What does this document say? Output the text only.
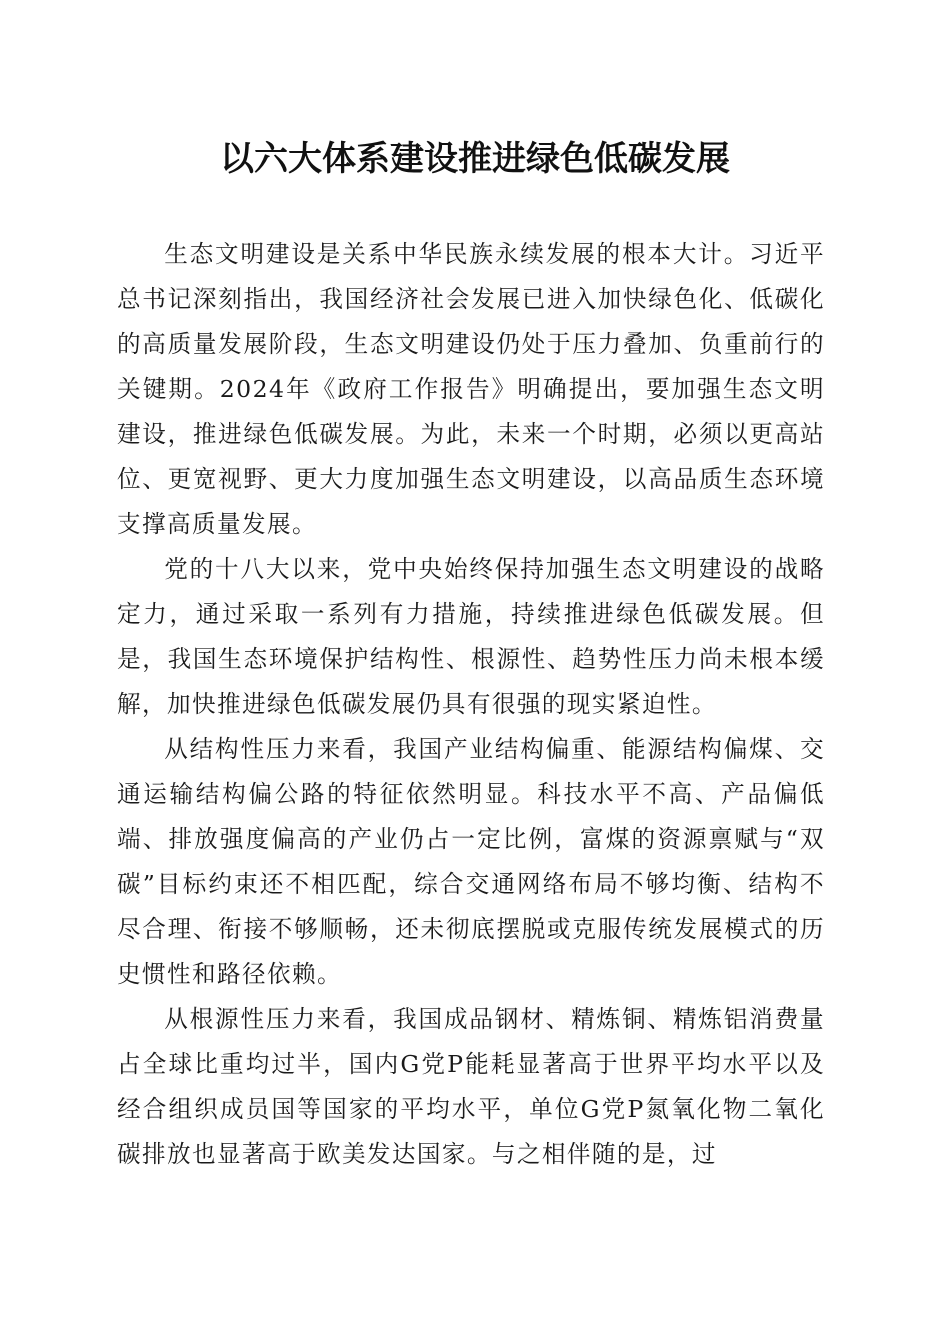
以六大体系建设推进绿色低碳发展

生态文明建设是关系中华民族永续发展的根本大计。习近平总书记深刻指出，我国经济社会发展已进入加快绿色化、低碳化的高质量发展阶段，生态文明建设仍处于压力叠加、负重前行的关键期。2024年《政府工作报告》明确提出，要加强生态文明建设，推进绿色低碳发展。为此，未来一个时期，必须以更高站位、更宽视野、更大力度加强生态文明建设，以高品质生态环境支撑高质量发展。

党的十八大以来，党中央始终保持加强生态文明建设的战略定力，通过采取一系列有力措施，持续推进绿色低碳发展。但是，我国生态环境保护结构性、根源性、趋势性压力尚未根本缓解，加快推进绿色低碳发展仍具有很强的现实紧迫性。

从结构性压力来看，我国产业结构偏重、能源结构偏煤、交通运输结构偏公路的特征依然明显。科技水平不高、产品偏低端、排放强度偏高的产业仍占一定比例，富煤的资源禀赋与“双碳”目标约束还不相匹配，综合交通网络布局不够均衡、结构不尽合理、衔接不够顺畅，还未彻底摆脱或克服传统发展模式的历史惯性和路径依赖。

从根源性压力来看，我国成品钢材、精炼铜、精炼铝消费量占全球比重均过半，国内G党P能耗显著高于世界平均水平以及经合组织成员国等国家的平均水平，单位G党P氮氧化物二氧化碳排放也显著高于欧美发达国家。与之相伴随的是，过
